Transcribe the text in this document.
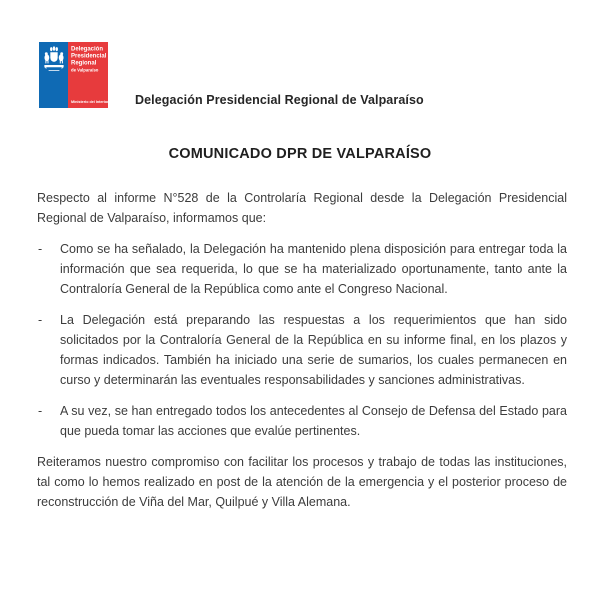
Delegación
Presidencial
Regional
de Valparaíso
Ministerio del Interior Delegación Presidencial Regional de Valparaíso
COMUNICADO DPR DE VALPARAÍSO

Respecto al informe N°528 de la Controlaría Regional desde la Delegación Presidencial Regional de Valparaíso, informamos que:

- Como se ha señalado, la Delegación ha mantenido plena disposición para entregar toda la información que sea requerida, lo que se ha materializado oportunamente, tanto ante la Contraloría General de la República como ante el Congreso Nacional.
- La Delegación está preparando las respuestas a los requerimientos que han sido solicitados por la Contraloría General de la República en su informe final, en los plazos y formas indicados. También ha iniciado una serie de sumarios, los cuales permanecen en curso y determinarán las eventuales responsabilidades y sanciones administrativas.
- A su vez, se han entregado todos los antecedentes al Consejo de Defensa del Estado para que pueda tomar las acciones que evalúe pertinentes.

Reiteramos nuestro compromiso con facilitar los procesos y trabajo de todas las instituciones, tal como lo hemos realizado en post de la atención de la emergencia y el posterior proceso de reconstrucción de Viña del Mar, Quilpué y Villa Alemana.
